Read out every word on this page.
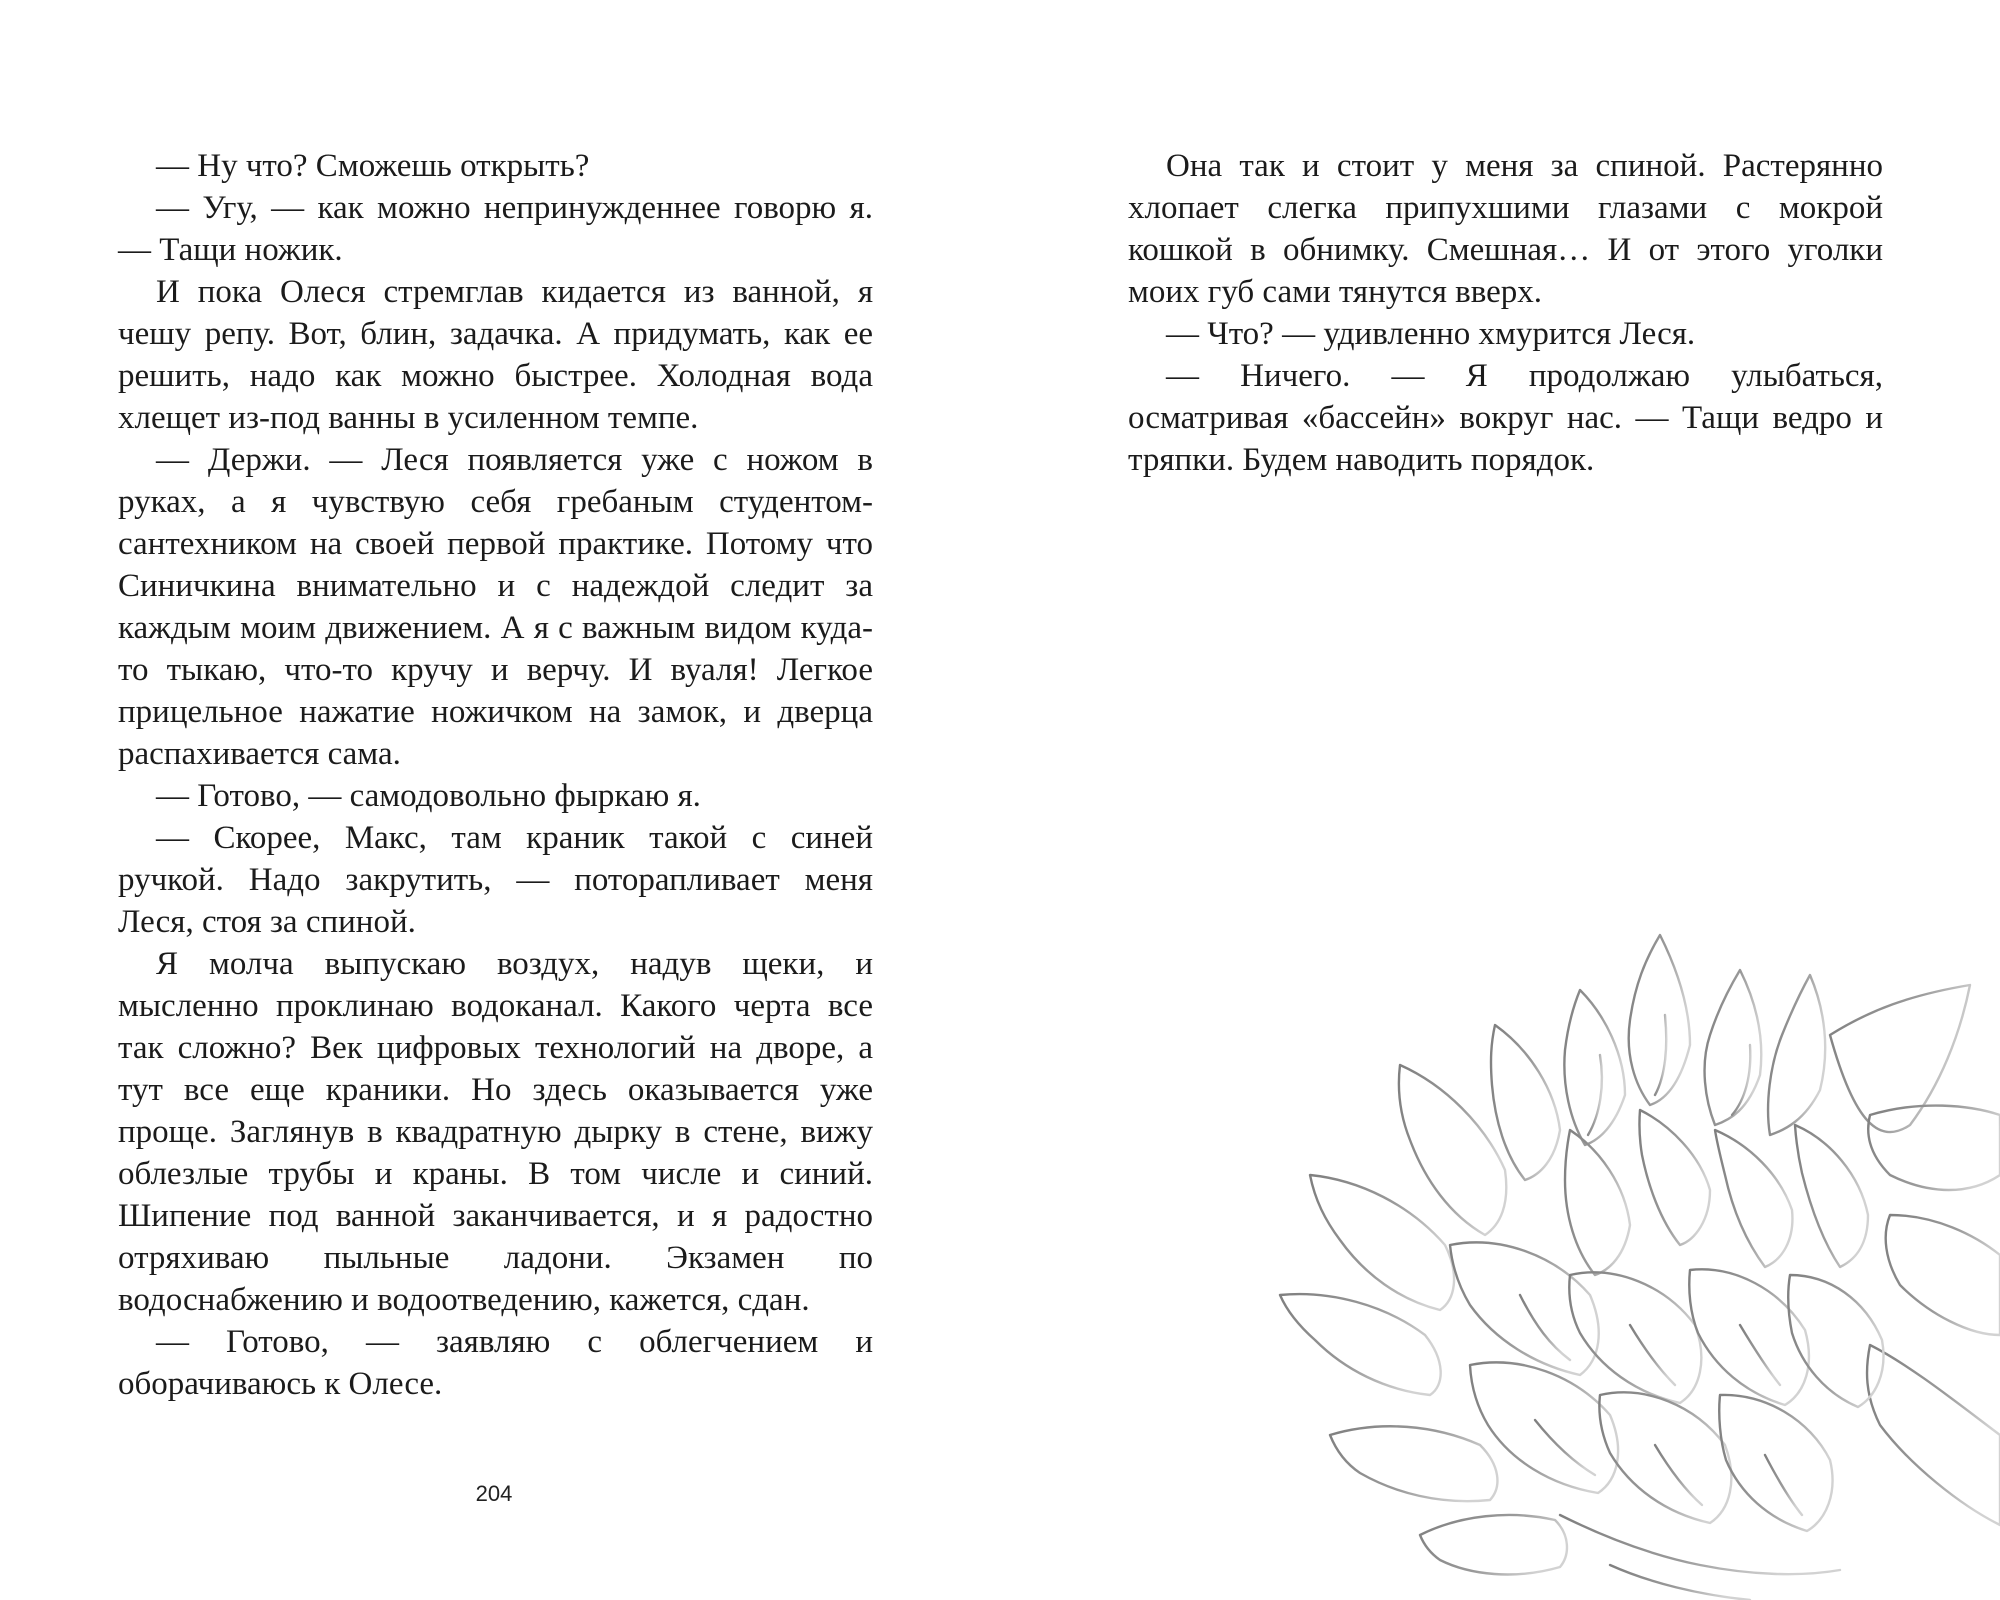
— Ну что? Сможешь открыть?

— Угу, — как можно непринужденнее говорю я. — Тащи ножик.

И пока Олеся стремглав кидается из ванной, я чешу репу. Вот, блин, задачка. А придумать, как ее решить, надо как можно быстрее. Холодная вода хлещет из-под ванны в усиленном темпе.

— Держи. — Леся появляется уже с ножом в руках, а я чувствую себя гребаным студентом-сантехником на своей первой практике. Потому что Синичкина внимательно и с надеждой следит за каждым моим движением. А я с важным видом куда-то тыкаю, что-то кручу и верчу. И вуаля! Легкое прицельное нажатие ножичком на замок, и дверца распахивается сама.

— Готово, — самодовольно фыркаю я.

— Скорее, Макс, там краник такой с синей ручкой. Надо закрутить, — поторапливает меня Леся, стоя за спиной.

Я молча выпускаю воздух, надув щеки, и мысленно проклинаю водоканал. Какого черта все так сложно? Век цифровых технологий на дворе, а тут все еще краники. Но здесь оказывается уже проще. Заглянув в квадратную дырку в стене, вижу облезлые трубы и краны. В том числе и синий. Шипение под ванной заканчивается, и я радостно отряхиваю пыльные ладони. Экзамен по водоснабжению и водоотведению, кажется, сдан.

— Готово, — заявляю с облегчением и оборачиваюсь к Олесе.

204

Она так и стоит у меня за спиной. Растерянно хлопает слегка припухшими глазами с мокрой кошкой в обнимку. Смешная… И от этого уголки моих губ сами тянутся вверх.

— Что? — удивленно хмурится Леся.

— Ничего. — Я продолжаю улыбаться, осматривая «бассейн» вокруг нас. — Тащи ведро и тряпки. Будем наводить порядок.
